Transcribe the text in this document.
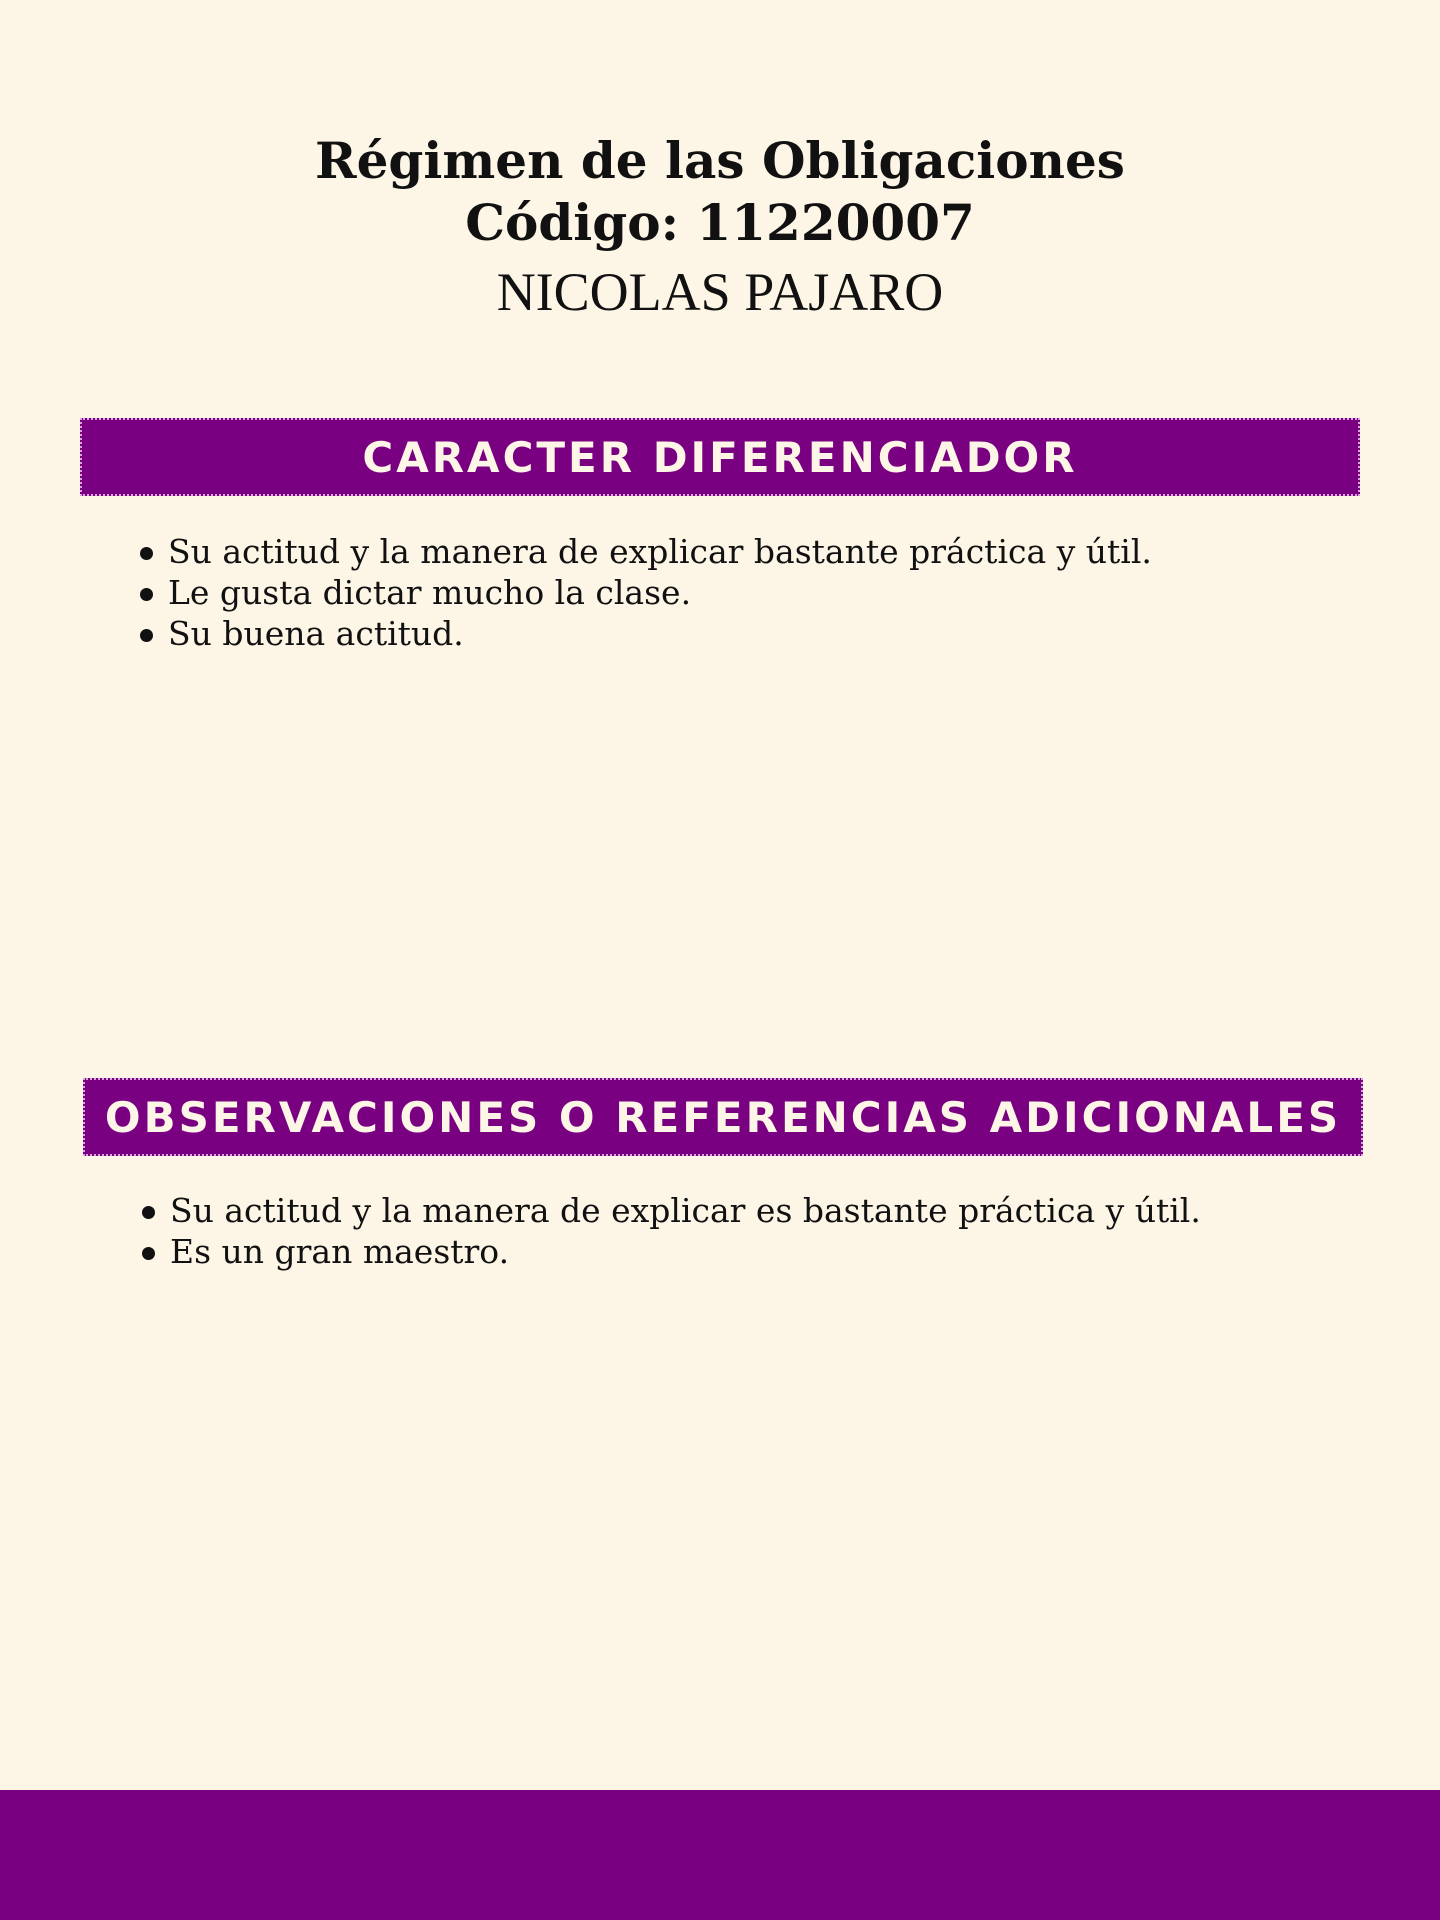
Régimen de las Obligaciones
Código: 11220007
NICOLAS PAJARO
CARACTER DIFERENCIADOR
Su actitud y la manera de explicar bastante práctica y útil.
Le gusta dictar mucho la clase.
Su buena actitud.
OBSERVACIONES O REFERENCIAS ADICIONALES
Su actitud y la manera de explicar es bastante práctica y útil.
Es un gran maestro.
